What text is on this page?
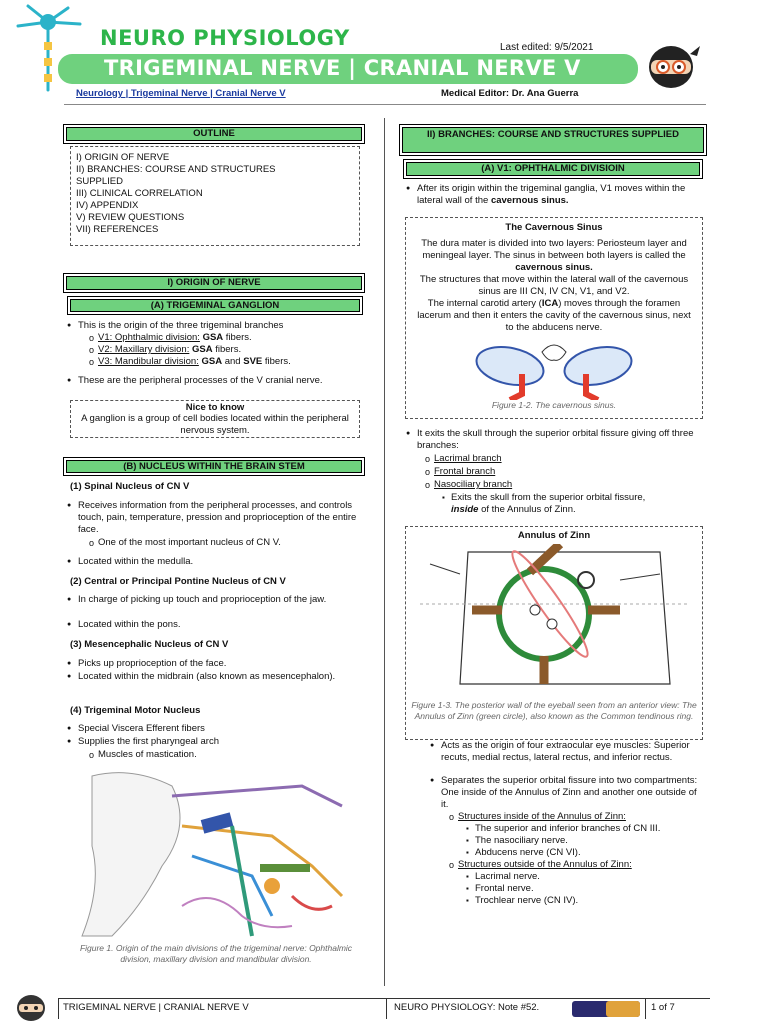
NEURO PHYSIOLOGY	Last edited: 9/5/2021
TRIGEMINAL NERVE | CRANIAL NERVE V
Neurology | Trigeminal Nerve | Cranial Nerve V	Medical Editor: Dr. Ana Guerra
OUTLINE
I) ORIGIN OF NERVE
II) BRANCHES: COURSE AND STRUCTURES
SUPPLIED
III) CLINICAL CORRELATION
IV) APPENDIX
V) REVIEW QUESTIONS
VII) REFERENCES
I) ORIGIN OF NERVE
(A) TRIGEMINAL GANGLION
● This is the origin of the three trigeminal branches
o V1: Ophthalmic division: GSA fibers.
o V2: Maxillary division: GSA fibers.
o V3: Mandibular division: GSA and SVE fibers.
● These are the peripheral processes of the V cranial nerve.
Nice to know
A ganglion is a group of cell bodies located within the peripheral nervous system.
(B) NUCLEUS WITHIN THE BRAIN STEM
(1) Spinal Nucleus of CN V
● Receives information from the peripheral processes, and controls touch, pain, temperature, pression and proprioception of the entire face.
o One of the most important nucleus of CN V.
● Located within the medulla.
(2) Central or Principal Pontine Nucleus of CN V
● In charge of picking up touch and proprioception of the jaw.
● Located within the pons.
(3) Mesencephalic Nucleus of CN V
● Picks up proprioception of the face.
● Located within the midbrain (also known as mesencephalon).
(4) Trigeminal Motor Nucleus
● Special Viscera Efferent fibers
● Supplies the first pharyngeal arch
o Muscles of mastication.
Figure 1. Origin of the main divisions of the trigeminal nerve: Ophthalmic division, maxillary division and mandibular division.
II) BRANCHES: COURSE AND STRUCTURES SUPPLIED
(A) V1: OPHTHALMIC DIVISIOIN
● After its origin within the trigeminal ganglia, V1 moves within the lateral wall of the cavernous sinus.
The Cavernous Sinus
The dura mater is divided into two layers: Periosteum layer and meningeal layer. The sinus in between both layers is called the cavernous sinus.
The structures that move within the lateral wall of the cavernous sinus are III CN, IV CN, V1, and V2.
The internal carotid artery (ICA) moves through the foramen lacerum and then it enters the cavity of the cavernous sinus, next to the abducens nerve.
Figure 1-2. The cavernous sinus.
● It exits the skull through the superior orbital fissure giving off three branches:
o Lacrimal branch
o Frontal branch
o Nasociliary branch
▪ Exits the skull from the superior orbital fissure,
inside of the Annulus of Zinn.
Annulus of Zinn
Figure 1-3. The posterior wall of the eyeball seen from an anterior view: The Annulus of Zinn (green circle), also known as the Common tendinous ring.
● Acts as the origin of four extraocular eye muscles: Superior recuts, medial rectus, lateral rectus, and inferior rectus.
● Separates the superior orbital fissure into two compartments: One inside of the Annulus of Zinn and another one outside of it.
o Structures inside of the Annulus of Zinn:
▪ The superior and inferior branches of CN III.
▪ The nasociliary nerve.
▪ Abducens nerve (CN VI).
o Structures outside of the Annulus of Zinn:
▪ Lacrimal nerve.
▪ Frontal nerve.
▪ Trochlear nerve (CN IV).
TRIGEMINAL NERVE | CRANIAL NERVE V	NEURO PHYSIOLOGY: Note #52.	1 of 7
